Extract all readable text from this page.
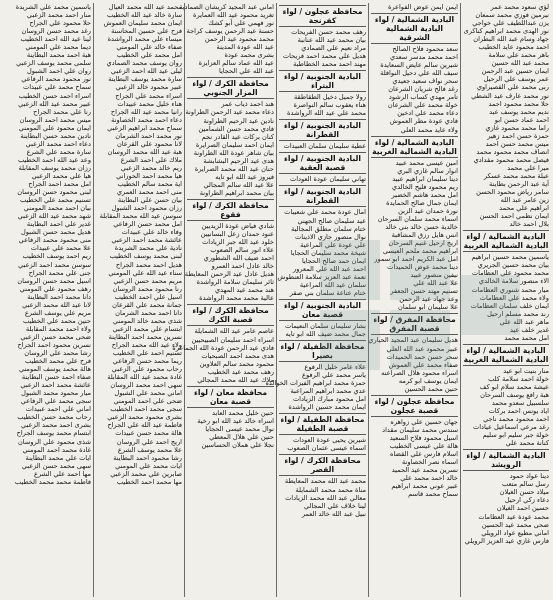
لؤي سعود محمد عمر
نيرمين فوزي محمد سمعان
يزن عبداللطيف علي خواجي
نور الهدى محمد ابراهيم كناكرى
جهاد وسام عبد الله البطران
احمد محمود عايد الخطيب
باهر محمد علي سلامة
محمد عبد الله حسين
ايمان حسين عبد الرحمن
عمر يوسف علي الرحيل
ربى محمد علي القصيراوي
نور محمد عارف عيد الشطي
حلا محمد محمود احمد
نديم محمد يوسف عبد
احمد عماد حسن ابو
راما محمد محمود غازي
حمزة حسن احمد زهير
ميس محمد حسن احمد
انصاف محمد محمود محمد
فيصل محمد محمود مقدادي
ميرا علي محمد
عبلة محمد محمد عسكر
آية عبد الرحمن بطاينة
سامر رياض محمود الحسن
زين عامر عبد الله
ابراهيم علي محمد
ايمان نظمي احمد الحسن
بلال احمد خالد
البادية الشمالية / لواء البادية الشمالية الغربية
ياسمين محمد حسين ابراهيم
بيان محمد حسين الجريري
محمد محمود علي العظامات
الاء منصور سلامة الخالدي
ميار محمد شنوري العظامات
ولاء محمد علي العظامات
ايمان خلف سلمان العظامات
رند محمد مسلم ارحيل
ماهر عبد الله علي
غدير خلف عيد
امل محمد محمد
البادية الشمالية / لواء البادية الشمالية الغربية
منار بنيت ابو عيد
خولة احمد سلامة كلب
عيشة محمد سلام ابو كف
هبة رافع يوسف السرحان
سلسبيل سعدو محمد
اياد يونس احمد بركات
احمد محمود محمد ناجي
رغد مرعي اسماعيل عيادات
خولة جبر سليم ابو سليم
كنانة محمد علي
البادية الشمالية / لواء الرويشد
دينا عواد حمود
رسل سالم متعب
ميلاد حسن الغيلان
دعاء زكي ارحيل
حسين احمد الغيلان
محمد عودة عيد العظامات
ضحى محمد عيد الحسين
اماني مطيع عواد الرويلي
فارس غازي عيد العزيز الرويلي
ايمن ايمن عوض الفواعرة
البادية الشمالية / لواء البادية الشمالية الشرقية
سعد محمود فلاح الصالح
احمد محمد مدسر سعدي
شيرين سالم عايض السعايدة
سيف الله علي دحيل النوافلة
سحر نواف سعيد جعيدي
رغد فالح شريان الشرعان
تامر مهدي كساب الرشود
خولة محمد علي الشرعان
دعاء محمد علي ادخين
فادي عودة مطر العموش
ولاء عايد محمد العلي
البادية الشمالية / لواء البادية الشمالية الغربية
امين عيسى محمد عبيد
انوار سالم غازي البري
دينا سليمان ابراهيم عبيد
ريم محمود فليح الخالدي
امل محمد هاشم الخضير
ايمان جمال صالح الحمايدة
نورة حمدان عيد الزبن
اسماء محمد سلمان السرحان
خالدية حسن خالد بني خالد
انس هايل رزق المشاقبة
اريج ارحيل غنيم السرحان
ابراهيم محمد ملحم العيسى
امل عبد الكريم احمد ابو سمور
دينا محمد عوض الحميدات
نيفين منصور عبيد
علا عبد الله علي
تسنيم مهند حسن الجعفر
وعد جهاد عيد الرحمن
علا سليمان ابو سلمان
محافظة المفرق / لواء قصبة المفرق
هديل سليمان عبد المجيد الحياري
عبير محمود عبد الله العلي
سحر حسن حمد الحميدات
صفاء محمد علي العموش
اسراء محمود هلال الصراعنه
ايمان يوسف ابو كرمه
حنين محمد الحسين
محافظة عجلون / لواء قصبة عجلون
جهان حسين علي زواهره
سندس محمد سليمان مقداد
اسيل محمود فلاح السعيد
هالة علي عيسى الخطيب
اسلام فارس علي القضاه
اسماء نصر الخصاونة
نسرين محمد عيد الحميد
خالد احمد محمد علي
عبير عوني محمد ابراهيم
سماح محمد قاسم
محافظة عجلون / لواء كفرنجة
رهف محمد حسن الفريحات
بيان محمد عيد الله عنانبة
مراد نعيم علي الصمادي
هديل علي محمد احمد فريحات
مهند احمد محمد الخطاطبة
البادية الجنوبية / لواء البتراء
رولا جميل دخيل الطقاطقة
هناء يعقوب سالم النواصرة
محمد علي عيد الله الرواشدة
البادية الجنوبية / لواء القطرانة
عطية سليمان سلمان العبيدات
البادية الجنوبية / لواء قصبة العقبة
تهاني سليمان عودة العودات
البادية الجنوبية / لواء القطرانة
امال عودة محمد علي شعيبات
عيد سليمان صالح الجهني
ختام سلمان مطلق المجالية
نوال منصور جازي الاذينات
علي عودة علي المراعية
شيخة محمد سليمان الحجايا
ايمان حمد صالح الحجايا
احمد عبد الله علي المعرور
نعمة عبد العزيز سلامة العنطوش
سلمان عيد الله المراعية
ختام عتاعة سلمان بني صقر
البادية الجنوبية / لواء قصبة معان
بشار سليمان سلمان النعيمات
جمال محمد ضيف الله ابو تايه
محافظة الطفيلة / لواء بصيرا
علاء عامر خليل الرفوع
ياسر محمد علي الرفوع
حمزة محمد ابراهيم الفيزات الخوالدة
عدي محمد ابراهيم المراعبة
امل محمود مبارك الزيادات
ايمان محمد حسين الرواشدة
محافظة الطفيلة / لواء قصبة الطفيلة
شيرين يحيى عودة العودات
اسماء عيسى عثمان الصعوب
محافظة الكرك / لواء القصر
محمد عبد الله محمد المعايطة
مناة محمد محمد الشمايلة
معالي عبد الله محمد الزيادات
لينا خلاف علي المجالي
نبيل عبد الله خالد العمر
اماني عبد المجيد كريشان الصمادية
تغريد محمود عيد الله العمايرة
نور فهمي علي أبو كشك
حسنة عيد الرحمن يوسف كراجة
محمد محمود عيد الرحمن
عيد الله عودة المدينة
بشرى محمد عودة
عيد الله عماد سالم العزايزة
عبد الله علي الحجايا
محافظة الكرك / لواء المزار الجنوبي
هند احمد ذياب عمر
دعاء محمد عيد الرحمن الطراونة
نادين عيد الرحيم الطراونة
فادي محمد حسن الشمامين
كنان بركات عيد القادر نجم
ايمان احمد سليمان الصرايرة
بيان شاهر عودة الله الطراونة
هدى عيد الرحيم البشابشة
حنان عيد الله محمد الصرايرة
فيروز عيد الله ابو تايه
علا عيد الله سالم المجالي
بيان محمد ابراهيم الطراونة
محافظة الكرك / لواء فقوع
شادي فياض عودة الزيديين
عنود حمدان زعل البسانيين
خلود عيد الله جبر الزيادات
علاء انور سالم الصعوب
احمد ضيف الله الشطوري
خالد عادل احمد العمرو
هديل عادل عيد الرحمن المعايطة
ثائر سليمان سلامة الرواشدة
هند محمد عيد المهدي
عالية محمد محمد الرواشدة
محافظة الكرك / لواء قصبة الكرك
عاصم عامر عيد الله الشمايلة
اسراء احمد سليمان الصبيحيين
فادي عيد الرحمن عودة الله الجماعرة
هدى محمد احمد الصبحيات
محمود محمد سالم العلاوين
رهف محمد عيد الخطيب
ملاك عيد الله محمد المجالي
محافظة معان / لواء قصبة معان
حنين خليل محمد العابد
اسراء خالد عيد الله ابو رخية
نوال محمد عيسى الحجايا
حنين علي هلال المعطي
نجلا علي هملان الحساسين
محمد عيد الله محمد العيال
سارة خالد عيد الله الخطيب
ايمان محمد سليمان العموش
فرح علي حسين المحاسنة
ميساء علي محمد الرواشدة
صفاء خالد علي المومني
امل محمد علي الخطيب
روان يوسف محمد الصمادي
ليلى عيد الله احمد الزعبي
سارة محمد يوسف البطاينة
عبير محمود خالد الزعبي
اسراء محمد علي الجراح
هناء خليل محمد عبيدات
رانيا محمد عيد الله الجراح
دعاء احمد محمد الخصاونة
سماح محمد ابراهيم الزعبي
نور محمد احمد الشرمان
لانا محمود علي القرعان
هبة عيد الله محمد الروسان
ملاك علي احمد الشرع
ريم خالد محمد الزعبي
هيا محمد احمد الحوراني
اية محمد سالم الخطيب
منى احمد محمد العمري
بيان حسن علي البطاينة
رزان محمود احمد الشبول
سوسن عيد الله محمد المقابلة
امل محمد حسن الرفاعي
وفاء خالد علي عبيدات
عائشة محمد احمد الزعبي
نادية علي محمد الشريدة
لبنى محمد يوسف الخطيب
هديل احمد محمد الجراح
سناء عيد الله علي المومني
مريم محمد حسن الزعبي
رنا محمود محمد الروسان
اسيل علي احمد الخطيب
جمانة محمد علي القرعان
دانا احمد محمد الشرمان
شذى محمد خالد المومني
ابتسام علي محمد الزعبي
نسرين محمد احمد البطاينة
ولاء عيد الله محمد الجراح
تسنيم احمد علي الخطيب
ريما محمد حسن الرفاعي
رحاب محمود علي الزعبي
غادة محمد عيد الله المقابلة
سهى احمد محمد الروسان
اماني محمد علي الشبول
ضحى علي احمد المومني
سجى محمد احمد الخطيب
بشرى محمود محمد الزعبي
فاطمة عيد الله علي الجراح
هالة محمد حسن عبيدات
اريج احمد علي الروسان
علا محمد يوسف الشرع
رشا محمود احمد البطاينة
ايات محمد علي المومني
صابرين علي محمد الزعبي
مها محمد احمد الخطيب
ياسمين محمد علي الشريدة
منار احمد محمد الزعبي
حلا محمود علي الجراح
رغد محمد حسن الروسان
لينا عيد الله احمد الخطيب
ديما محمد علي المومني
هبة احمد محمد البطاينة
سلمى محمد يوسف الزعبي
روان علي احمد الشبول
نور محمود محمد الرفاعي
سماح محمد علي عبيدات
اسراء احمد حسن الخطيب
عبير محمد عيد الله الزعبي
رنا علي محمد الجراح
ميس محمد احمد الروسان
ايمان محمود علي المومني
نادين محمد حسن البطاينة
دعاء احمد محمد الزعبي
سارة محمد علي الشرع
وعد عيد الله احمد الخطيب
رزان محمد يوسف المقابلة
هيا علي محمد الزعبي
امل محمد احمد الجراح
لبنى محمود حسن الروسان
تسنيم محمد علي الخطيب
بيان احمد محمد المومني
شهد محمد عيد الله الزعبي
غدير علي احمد البطاينة
هديل محمد حسن الشبول
منى محمود محمد الرفاعي
علا محمد علي عبيدات
ريم احمد يوسف الخطيب
سوسن محمد احمد الزعبي
جنى علي محمد الجراح
اسيل محمد حسن الروسان
رهف محمود علي المومني
دانا محمد احمد البطاينة
لانا عيد الله محمد الزعبي
مريم علي يوسف الشرع
حنين محمد علي الخطيب
ولاء احمد محمد المقابلة
ضحى محمد حسن الزعبي
نسرين محمود احمد الجراح
رشا محمد علي الروسان
فرح علي محمد الخطيب
هالة محمد يوسف المومني
صفاء احمد حسن البطاينة
عائشة محمد احمد الزعبي
ميار محمود محمد الشبول
سجى محمد علي الرفاعي
اماني علي احمد عبيدات
رحاب محمد حسن الخطيب
بشرى احمد محمد الزعبي
ابتسام محمد يوسف الجراح
شذى محمود علي الروسان
غادة محمد احمد المومني
ايات علي محمد البطاينة
سهى محمد حسن الزعبي
مها احمد علي الشرع
فاطمة محمد محمد الخطيب
